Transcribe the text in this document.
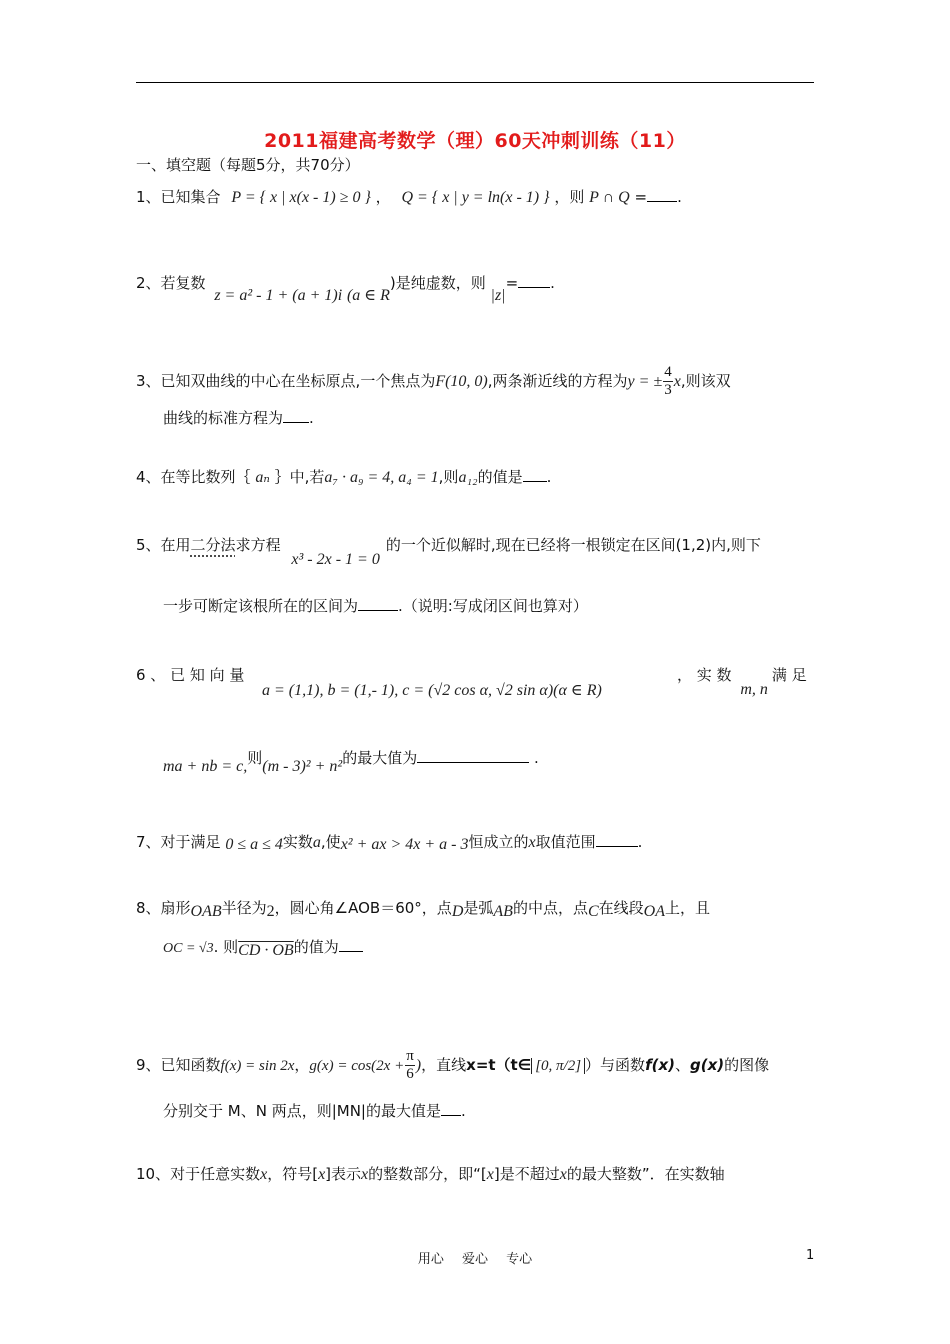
2011福建高考数学（理）60天冲刺训练（11）
一、填空题（每题5分，共70分）
1、已知集合 P = { x | x(x - 1) ≥ 0 } ， Q = { x | y = ln(x - 1) } ，则 P ∩ Q = .
2、若复数 z = a² - 1 + (a + 1)i (a ∈ R)是纯虚数，则 |z|= .
3、已知双曲线的中心在坐标原点,一个焦点为F(10, 0),两条渐近线的方程为y = ± $\frac{4}{3} x$,则该双
曲线的标准方程为 .
4、在等比数列｛ aₙ ｝中,若a₇ · a₉ = 4, a₄ = 1,则a₁₂的值是 .
5、在用二分法求方程 x³ - 2x - 1 = 0的一个近似解时,现在已经将一根锁定在区间(1,2)内,则下
一步可断定该根所在的区间为	.（说明:写成闭区间也算对）
6 、 已 知 向 量
a = (1,1), b = (1,- 1), c = (√2 cos α, √2 sin α)(α ∈ R)
， 实 数 m, n满 足
ma + nb = c,则(m - 3)² + n²的最大值为	.
7、对于满足 0 ≤ a ≤ 4实数a,使x² + ax > 4x + a - 3恒成立的x取值范围	.
8、扇形OAB半径为2，圆心角∠AOB＝60°，点D是弧AB的中点，点C在线段OA上，且
OC = √3. 则CD · OB的值为
9、已知函数f(x) = sin 2x，$g(x) = \cos(2x + \frac{\pi}{6}$ )，直线x=t（t∈ [0, π/2] ）与函数f(x)、g(x)的图像
分别交于 M、N 两点，则|MN|的最大值是 .
10、对于任意实数x，符号[x]表示x的整数部分，即“[x]是不超过x的最大整数”．在实数轴
用心 爱心 专心	1
